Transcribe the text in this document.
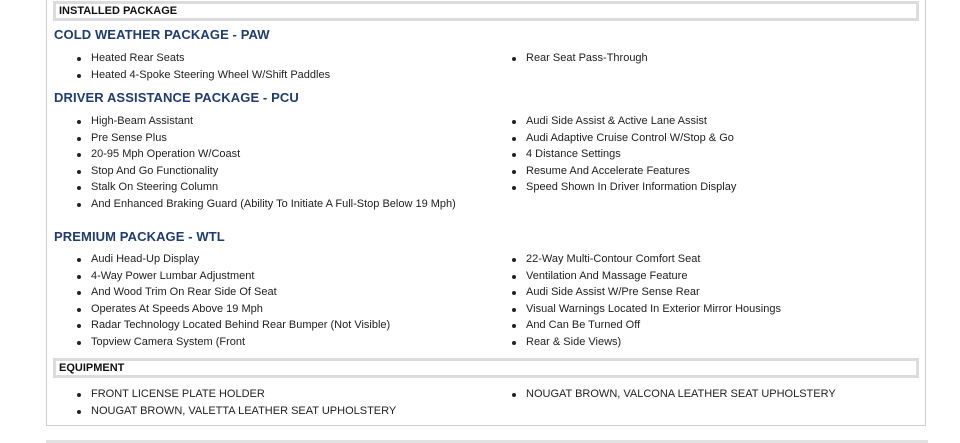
INSTALLED PACKAGE
COLD WEATHER PACKAGE - PAW
Heated Rear Seats
Heated 4-Spoke Steering Wheel W/Shift Paddles
Rear Seat Pass-Through
DRIVER ASSISTANCE PACKAGE - PCU
High-Beam Assistant
Pre Sense Plus
20-95 Mph Operation W/Coast
Stop And Go Functionality
Stalk On Steering Column
And Enhanced Braking Guard (Ability To Initiate A Full-Stop Below 19 Mph)
Audi Side Assist & Active Lane Assist
Audi Adaptive Cruise Control W/Stop & Go
4 Distance Settings
Resume And Accelerate Features
Speed Shown In Driver Information Display
PREMIUM PACKAGE - WTL
Audi Head-Up Display
4-Way Power Lumbar Adjustment
And Wood Trim On Rear Side Of Seat
Operates At Speeds Above 19 Mph
Radar Technology Located Behind Rear Bumper (Not Visible)
Topview Camera System (Front
22-Way Multi-Contour Comfort Seat
Ventilation And Massage Feature
Audi Side Assist W/Pre Sense Rear
Visual Warnings Located In Exterior Mirror Housings
And Can Be Turned Off
Rear & Side Views)
EQUIPMENT
FRONT LICENSE PLATE HOLDER
NOUGAT BROWN, VALETTA LEATHER SEAT UPHOLSTERY
NOUGAT BROWN, VALCONA LEATHER SEAT UPHOLSTERY
